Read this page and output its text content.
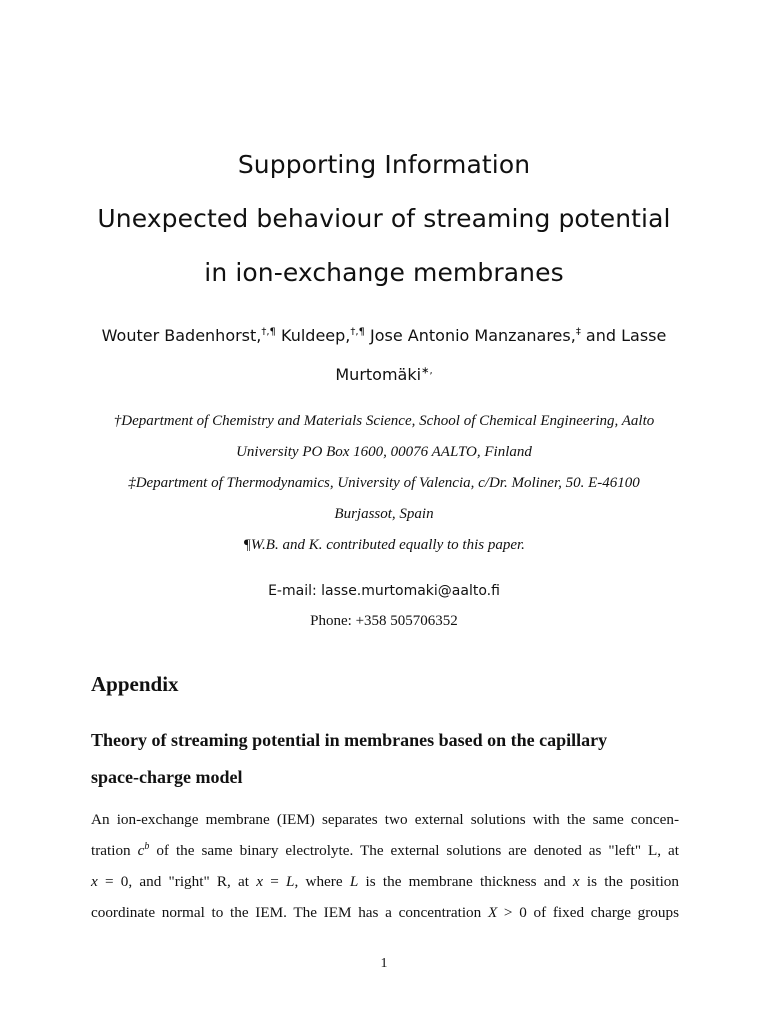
Supporting Information
Unexpected behaviour of streaming potential
in ion-exchange membranes
Wouter Badenhorst,†,¶ Kuldeep,†,¶ Jose Antonio Manzanares,‡ and Lasse
Murtomäki∗,
†Department of Chemistry and Materials Science, School of Chemical Engineering, Aalto
University PO Box 1600, 00076 AALTO, Finland
‡Department of Thermodynamics, University of Valencia, c/Dr. Moliner, 50. E-46100
Burjassot, Spain
¶W.B. and K. contributed equally to this paper.
E-mail: lasse.murtomaki@aalto.fi
Phone: +358 505706352
Appendix
Theory of streaming potential in membranes based on the capillary
space-charge model
An ion-exchange membrane (IEM) separates two external solutions with the same concen-
tration $c^b$ of the same binary electrolyte. The external solutions are denoted as "left" L, at
x = 0, and "right" R, at x = L, where L is the membrane thickness and x is the position
coordinate normal to the IEM. The IEM has a concentration X > 0 of fixed charge groups
1
